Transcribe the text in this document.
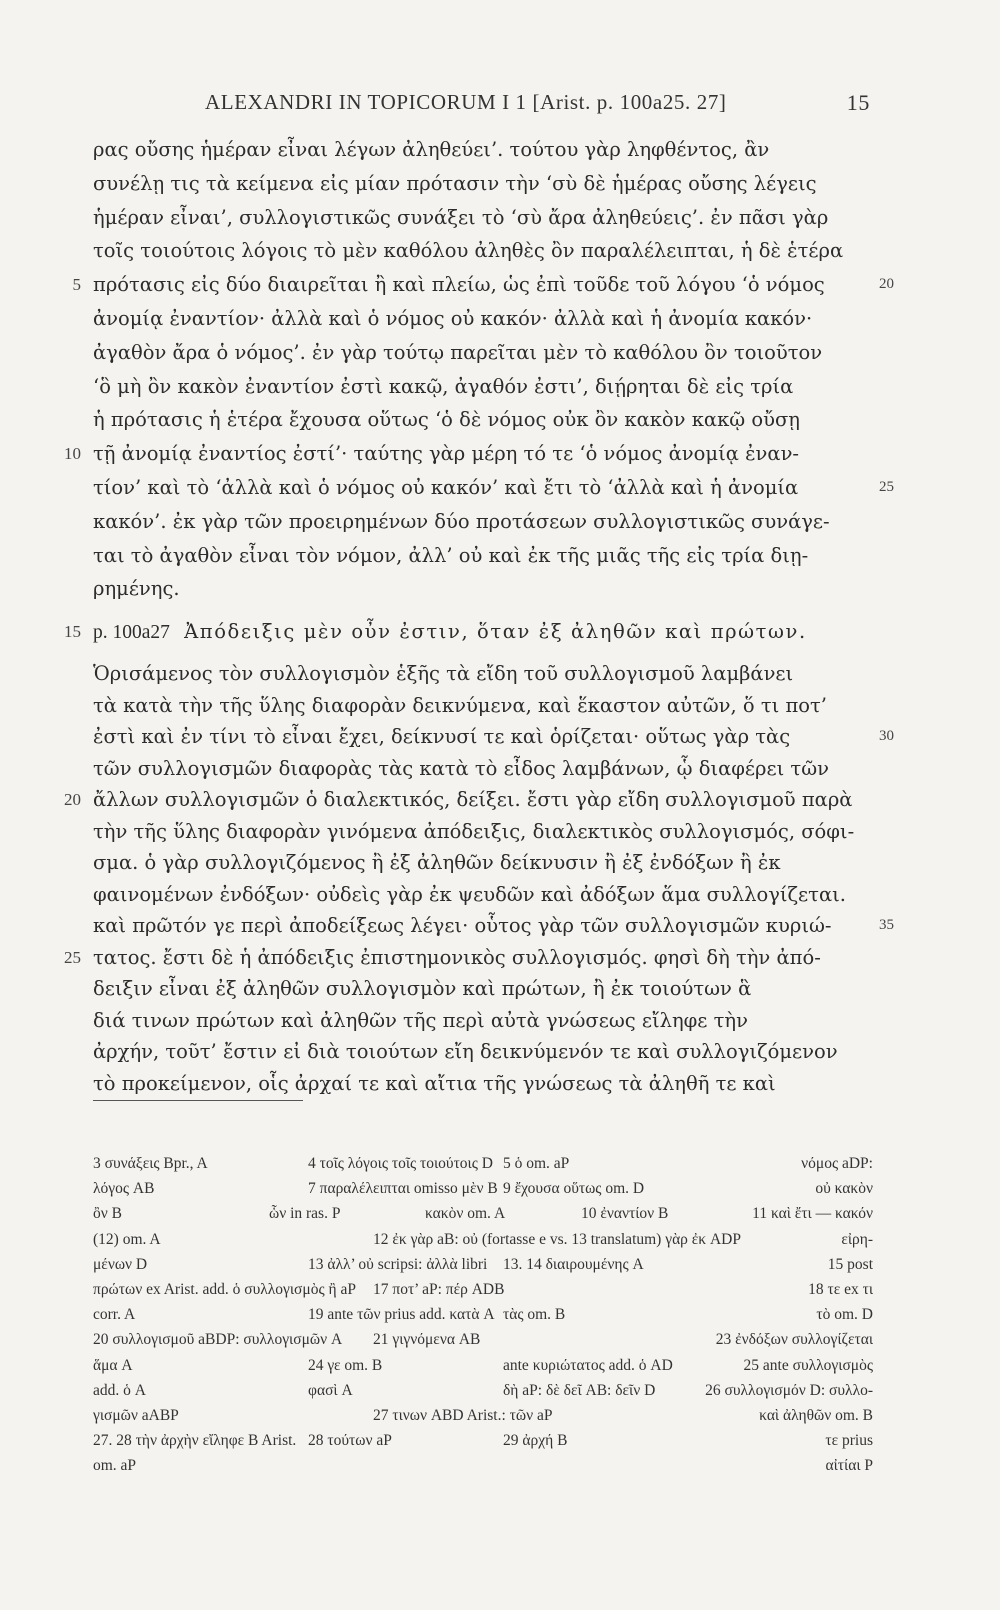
ALEXANDRI IN TOPICORUM I 1 [Arist. p. 100a25. 27]	15
ρας οὔσης ἡμέραν εἶναι λέγων ἀληθεύει’. τούτου γὰρ ληφθέντος, ἂν
συνέλῃ τις τὰ κείμενα εἰς μίαν πρότασιν τὴν ‘σὺ δὲ ἡμέρας οὔσης λέγεις
ἡμέραν εἶναι’, συλλογιστικῶς συνάξει τὸ ‘σὺ ἄρα ἀληθεύεις’. ἐν πᾶσι γὰρ
τοῖς τοιούτοις λόγοις τὸ μὲν καθόλου ἀληθὲς ὂν παραλέλειπται, ἡ δὲ ἑτέρα
5 πρότασις εἰς δύο διαιρεῖται ἢ καὶ πλείω, ὡς ἐπὶ τοῦδε τοῦ λόγου ‘ὁ νόμος	20
ἀνομίᾳ ἐναντίον· ἀλλὰ καὶ ὁ νόμος οὐ κακόν· ἀλλὰ καὶ ἡ ἀνομία κακόν·
ἀγαθὸν ἄρα ὁ νόμος’. ἐν γὰρ τούτῳ παρεῖται μὲν τὸ καθόλου ὂν τοιοῦτον
‘ὃ μὴ ὂν κακὸν ἐναντίον ἐστὶ κακῷ, ἀγαθόν ἐστι’, διῄρηται δὲ εἰς τρία
ἡ πρότασις ἡ ἑτέρα ἔχουσα οὕτως ‘ὁ δὲ νόμος οὐκ ὂν κακὸν κακῷ οὔσῃ
10 τῇ ἀνομίᾳ ἐναντίος ἐστί’· ταύτης γὰρ μέρη τό τε ‘ὁ νόμος ἀνομίᾳ ἐναν-
τίον’ καὶ τὸ ‘ἀλλὰ καὶ ὁ νόμος οὐ κακόν’ καὶ ἔτι τὸ ‘ἀλλὰ καὶ ἡ ἀνομία	25
κακόν’. ἐκ γὰρ τῶν προειρημένων δύο προτάσεων συλλογιστικῶς συνάγε-
ται τὸ ἀγαθὸν εἶναι τὸν νόμον, ἀλλ’ οὐ καὶ ἐκ τῆς μιᾶς τῆς εἰς τρία διῃ-
ρημένης.
15 p. 100a27 Ἀπόδειξις μὲν οὖν ἐστιν, ὅταν ἐξ ἀληθῶν καὶ πρώτων.
Ὁρισάμενος τὸν συλλογισμὸν ἑξῆς τὰ εἴδη τοῦ συλλογισμοῦ λαμβάνει
τὰ κατὰ τὴν τῆς ὕλης διαφορὰν δεικνύμενα, καὶ ἕκαστον αὐτῶν, ὅ τι ποτ’
ἐστὶ καὶ ἐν τίνι τὸ εἶναι ἔχει, δείκνυσί τε καὶ ὁρίζεται· οὕτως γὰρ τὰς	30
τῶν συλλογισμῶν διαφορὰς τὰς κατὰ τὸ εἶδος λαμβάνων, ᾧ διαφέρει τῶν
20 ἄλλων συλλογισμῶν ὁ διαλεκτικός, δείξει. ἔστι γὰρ εἴδη συλλογισμοῦ παρὰ
τὴν τῆς ὕλης διαφορὰν γινόμενα ἀπόδειξις, διαλεκτικὸς συλλογισμός, σόφι-
σμα. ὁ γὰρ συλλογιζόμενος ἢ ἐξ ἀληθῶν δείκνυσιν ἢ ἐξ ἐνδόξων ἢ ἐκ
φαινομένων ἐνδόξων· οὐδεὶς γὰρ ἐκ ψευδῶν καὶ ἀδόξων ἅμα συλλογίζεται.
καὶ πρῶτόν γε περὶ ἀποδείξεως λέγει· οὗτος γὰρ τῶν συλλογισμῶν κυριώ-	35
25 τατος. ἔστι δὲ ἡ ἀπόδειξις ἐπιστημονικὸς συλλογισμός. φησὶ δὴ τὴν ἀπό-
δειξιν εἶναι ἐξ ἀληθῶν συλλογισμὸν καὶ πρώτων, ἢ ἐκ τοιούτων ἃ
διά τινων πρώτων καὶ ἀληθῶν τῆς περὶ αὐτὰ γνώσεως εἴληφε τὴν
ἀρχήν, τοῦτ’ ἔστιν εἰ διὰ τοιούτων εἴη δεικνύμενόν τε καὶ συλλογιζόμενον
τὸ προκείμενον, οἷς ἀρχαί τε καὶ αἴτια τῆς γνώσεως τὰ ἀληθῆ τε καὶ
3 συνάξεις Bpr., A	4 τοῖς λόγοις τοῖς τοιούτοις D 5 ὁ om. aP	νόμος aDP:
λόγος AB	7 παραλέλειπται omisso μὲν B 9 ἔχουσα οὕτως om. D	οὐ κακὸν
ὂν B	ὧν in ras. P	κακὸν om. A	10 ἐναντίον B	11 καὶ ἔτι — κακόν
(12) om. A	12 ἐκ γὰρ aB: οὐ (fortasse e vs. 13 translatum) γὰρ ἐκ ADP	εἰρη-
μένων D	13 ἀλλ’ οὐ scripsi: ἀλλὰ libri 13. 14 διαιρουμένης A	15 post
πρώτων ex Arist. add. ὁ συλλογισμὸς ἢ aP 17 ποτ’ aP: πέρ ADB	18 τε ex τι
corr. A	19 ante τῶν prius add. κατὰ A τὰς om. B	τὸ om. D
20 συλλογισμοῦ aBDP: συλλογισμῶν A 21 γιγνόμενα AB	23 ἐνδόξων συλλογίζεται
ἅμα A	24 γε om. B	ante κυριώτατος add. ὁ AD	25 ante συλλογισμὸς
add. ὁ A	φασὶ A	δὴ aP: δὲ δεῖ AB: δεῖν D	26 συλλογισμόν D: συλλο-
γισμῶν aABP	27 τινων ABD Arist.: τῶν aP	καὶ ἀληθῶν om. B
27. 28 τὴν ἀρχὴν εἴληφε B Arist. 28 τούτων aP	29 ἀρχή B	τε prius
om. aP	αἰτίαι P
